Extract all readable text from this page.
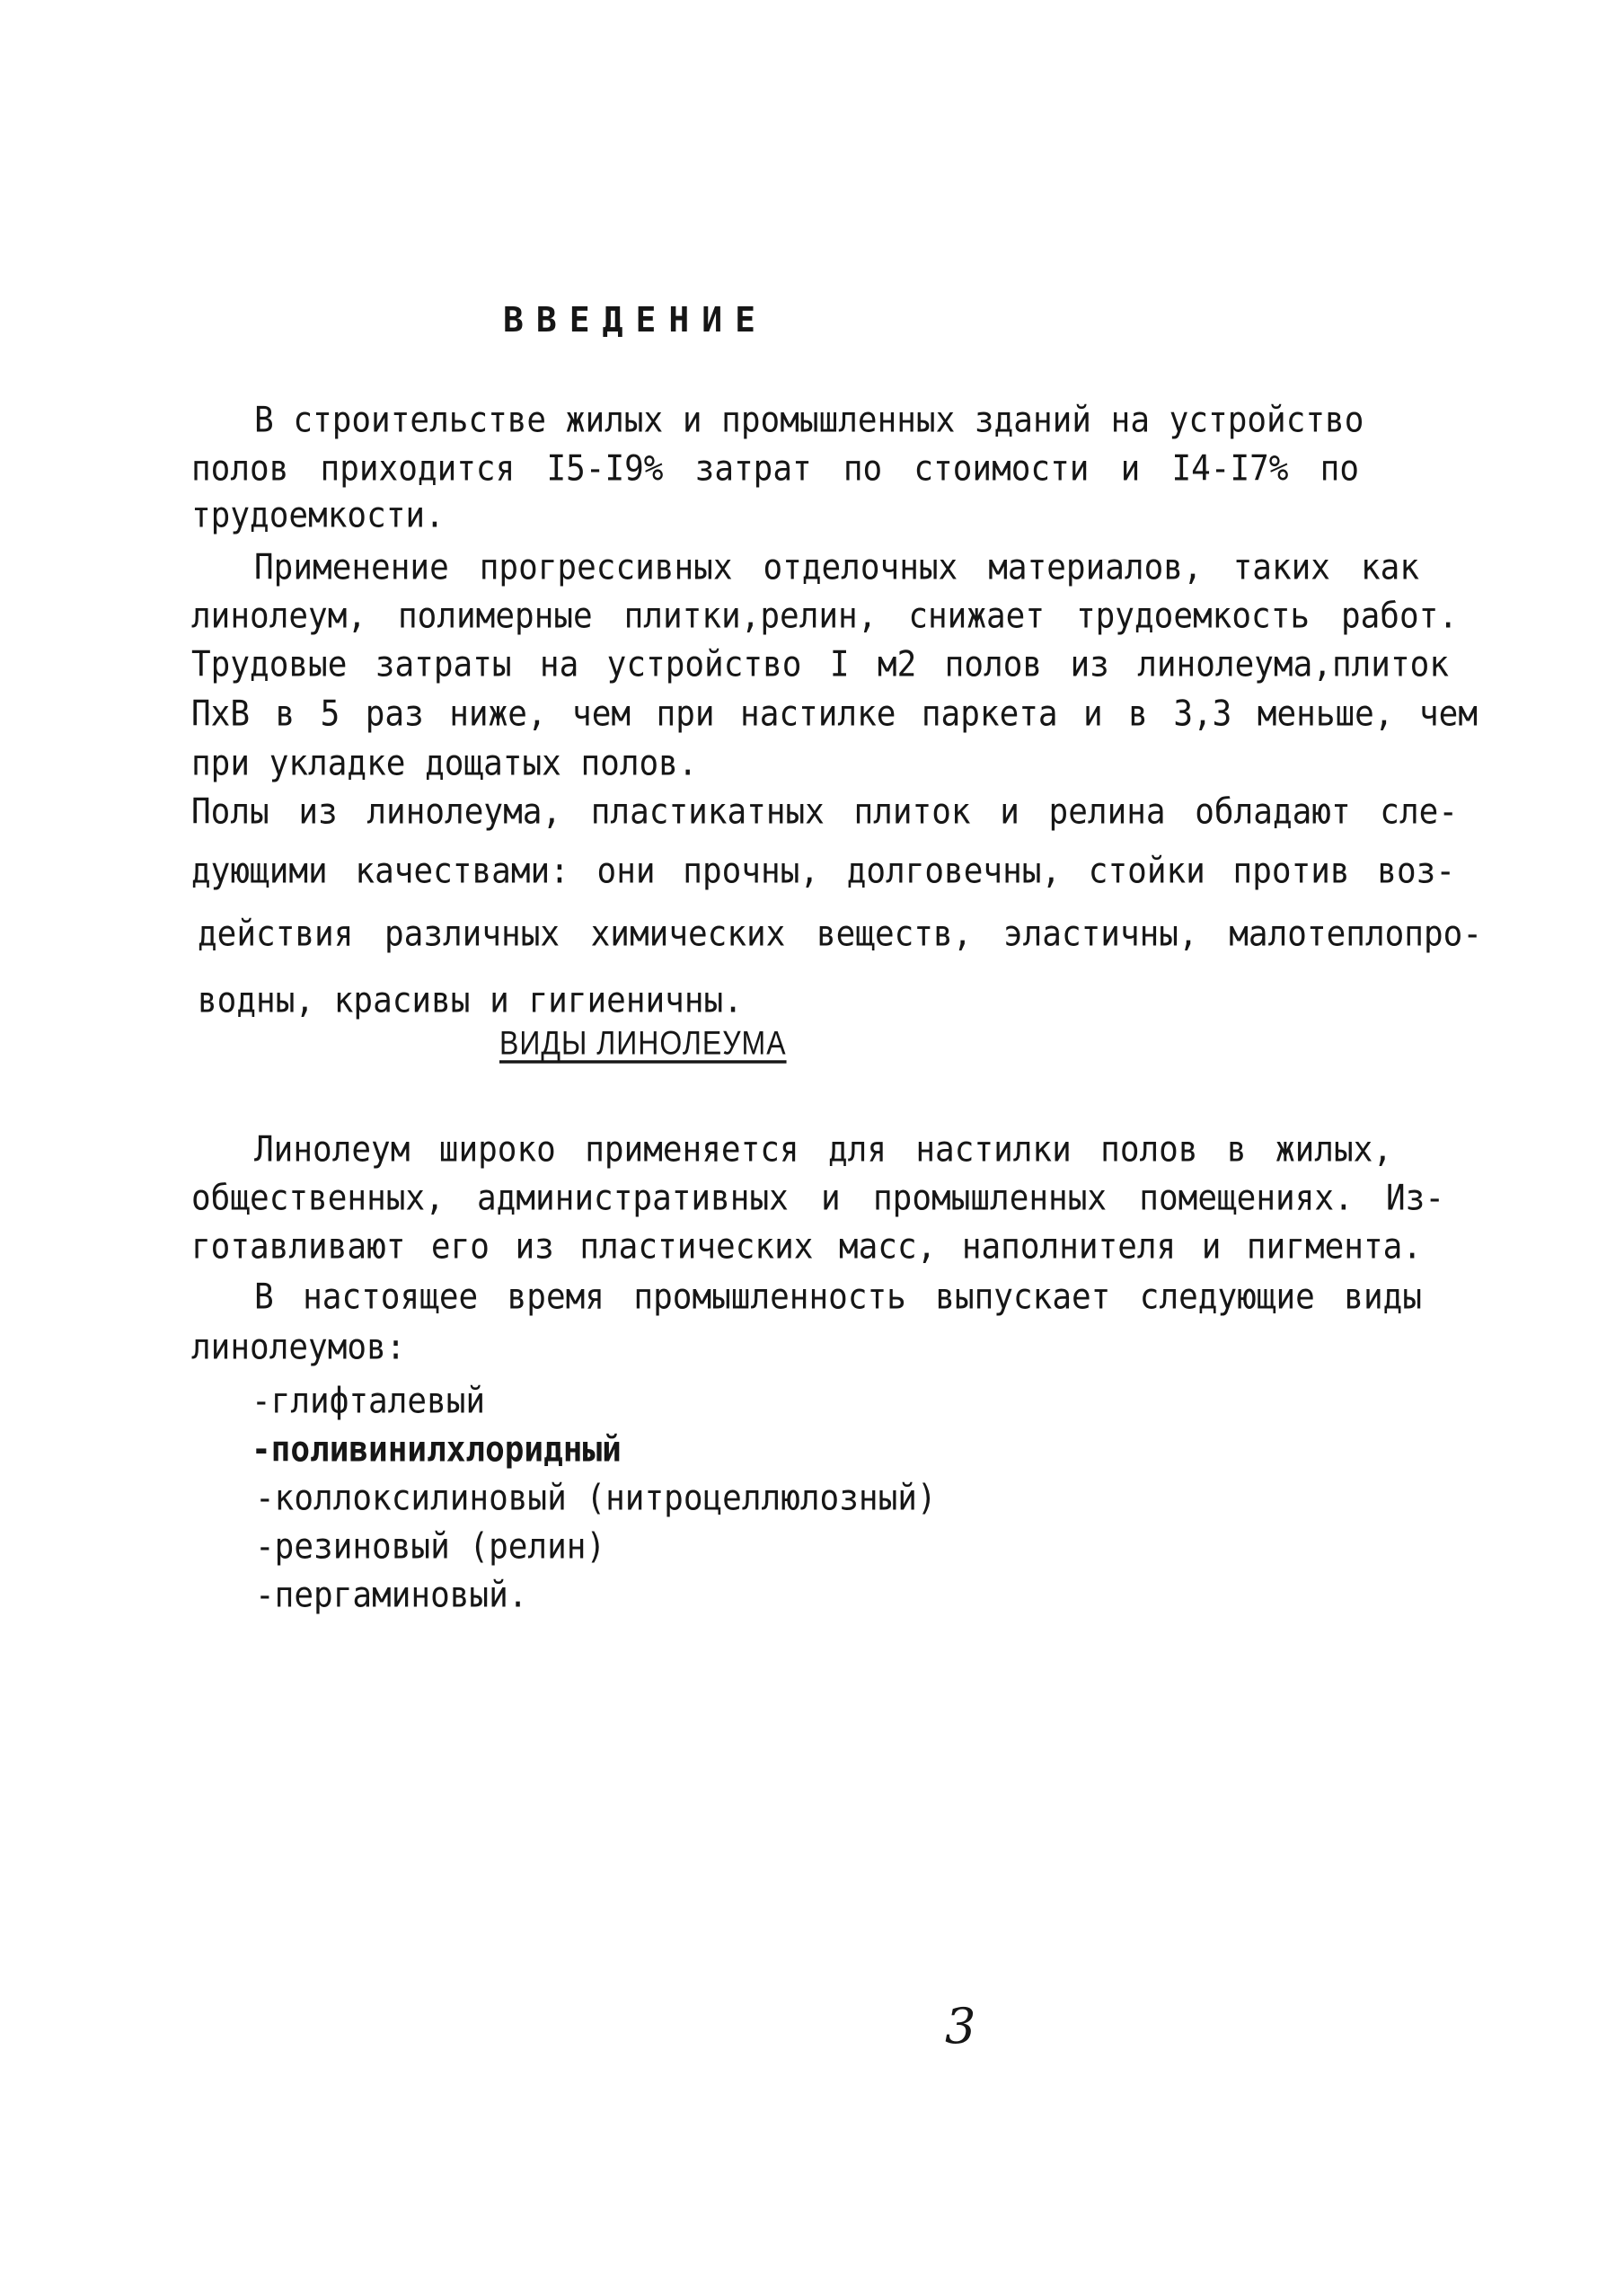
ВВЕДЕНИЕ
В строительстве жилых и промышленных зданий на устройство
полов приходится I5-I9% затрат по стоимости и I4-I7% по
трудоемкости.
Применение прогрессивных отделочных материалов, таких как
линолеум, полимерные плитки,релин, снижает трудоемкость работ.
Трудовые затраты на устройство I м2 полов из линолеума,плиток
ПхВ в 5 раз ниже, чем при настилке паркета и в 3,3 меньше, чем
при укладке дощатых полов.
Полы из линолеума, пластикатных плиток и релина обладают сле-
дующими качествами: они прочны, долговечны, стойки против воз-
действия различных химических веществ, эластичны, малотеплопро-
водны, красивы и гигиеничны.
ВИДЫ ЛИНОЛЕУМА
Линолеум широко применяется для настилки полов в жилых,
общественных, административных и промышленных помещениях. Из-
готавливают его из пластических масс, наполнителя и пигмента.
В настоящее время промышленность выпускает следующие виды
линолеумов:
-глифталевый
-поливинилхлоридный
-коллоксилиновый (нитроцеллюлозный)
-резиновый (релин)
-пергаминовый.
3
